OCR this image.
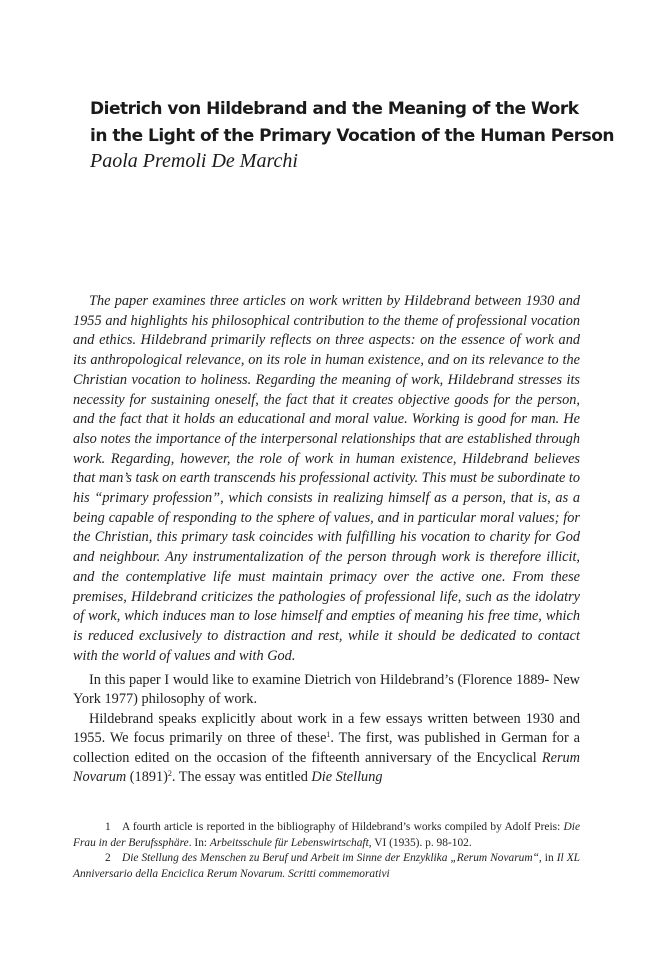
Dietrich von Hildebrand and the Meaning of the Work
in the Light of the Primary Vocation of the Human Person
Paola Premoli De Marchi

The paper examines three articles on work written by Hildebrand between 1930 and 1955 and highlights his philosophical contribution to the theme of professional vocation and ethics. Hildebrand primarily reflects on three aspects: on the essence of work and its anthropological relevance, on its role in human existence, and on its relevance to the Christian vocation to holiness. Regarding the meaning of work, Hildebrand stresses its necessity for sustaining oneself, the fact that it creates objective goods for the person, and the fact that it holds an educational and moral value. Working is good for man. He also notes the importance of the interpersonal relationships that are established through work. Regarding, however, the role of work in human existence, Hildebrand believes that man’s task on earth transcends his professional activity. This must be subordinate to his “primary profession”, which consists in realizing himself as a person, that is, as a being capable of responding to the sphere of values, and in particular moral values; for the Christian, this primary task coincides with fulfilling his vocation to charity for God and neighbour. Any instrumentalization of the person through work is therefore illicit, and the contemplative life must maintain primacy over the active one. From these premises, Hildebrand criticizes the pathologies of professional life, such as the idolatry of work, which induces man to lose himself and empties of meaning his free time, which is reduced exclusively to distraction and rest, while it should be dedicated to contact with the world of values and with God.

In this paper I would like to examine Dietrich von Hildebrand’s (Florence 1889- New York 1977) philosophy of work.

Hildebrand speaks explicitly about work in a few essays written between 1930 and 1955. We focus primarily on three of these$^1$. The first, was published in German for a collection edited on the occasion of the fifteenth anniversary of the Encyclical Rerum Novarum $(1891)^2$. The essay was entitled Die Stellung

1 A fourth article is reported in the bibliography of Hildebrand’s works compiled by Adolf Preis: Die Frau in der Berufssphäre. In: Arbeitsschule für Lebenswirtschaft, VI (1935). p. 98-102.

2 Die Stellung des Menschen zu Beruf und Arbeit im Sinne der Enzyklika „Rerum Novarum“, in Il XL Anniversario della Enciclica Rerum Novarum. Scritti commemorativi
